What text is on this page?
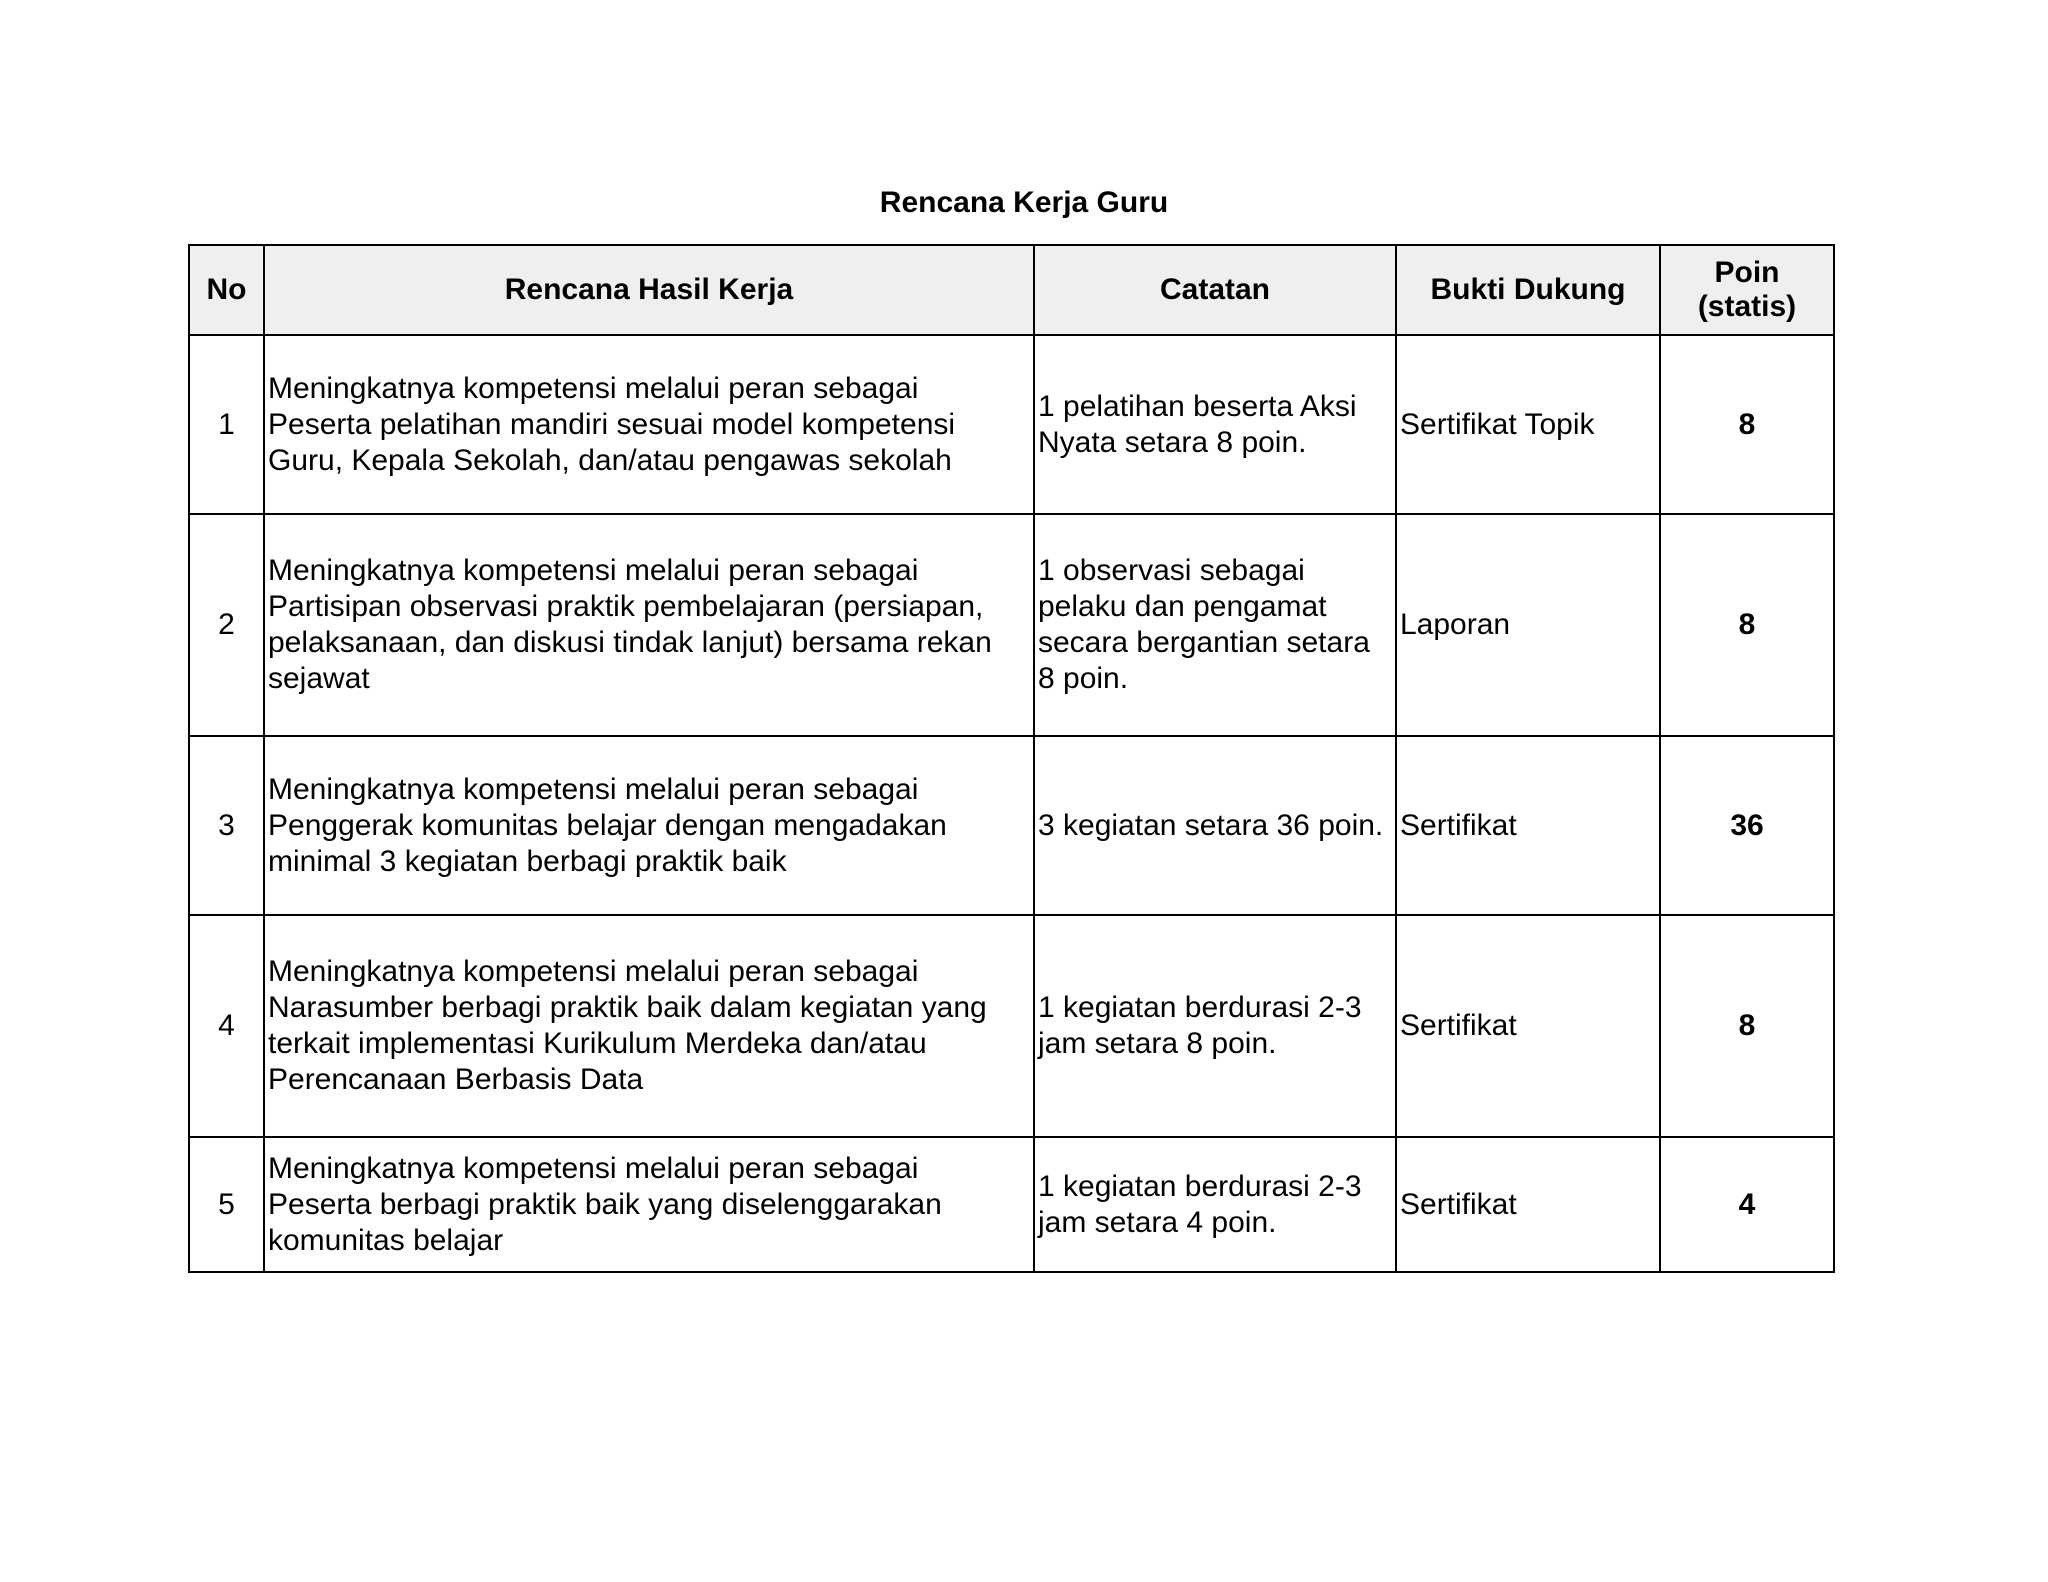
Rencana Kerja Guru
No	Rencana Hasil Kerja	Catatan	Bukti Dukung	Poin
(statis)

1	Meningkatnya kompetensi melalui peran sebagai Peserta pelatihan mandiri sesuai model kompetensi Guru, Kepala Sekolah, dan/atau pengawas sekolah	1 pelatihan beserta Aksi Nyata setara 8 poin.	Sertifikat Topik	8
2	Meningkatnya kompetensi melalui peran sebagai Partisipan observasi praktik pembelajaran (persiapan, pelaksanaan, dan diskusi tindak lanjut) bersama rekan sejawat	1 observasi sebagai pelaku dan pengamat secara bergantian setara 8 poin.	Laporan	8
3	Meningkatnya kompetensi melalui peran sebagai Penggerak komunitas belajar dengan mengadakan minimal 3 kegiatan berbagi praktik baik	3 kegiatan setara 36 poin.	Sertifikat	36
4	Meningkatnya kompetensi melalui peran sebagai Narasumber berbagi praktik baik dalam kegiatan yang terkait implementasi Kurikulum Merdeka dan/atau Perencanaan Berbasis Data	1 kegiatan berdurasi 2-3 jam setara 8 poin.	Sertifikat	8
5	Meningkatnya kompetensi melalui peran sebagai Peserta berbagi praktik baik yang diselenggarakan komunitas belajar	1 kegiatan berdurasi 2-3 jam setara 4 poin.	Sertifikat	4
